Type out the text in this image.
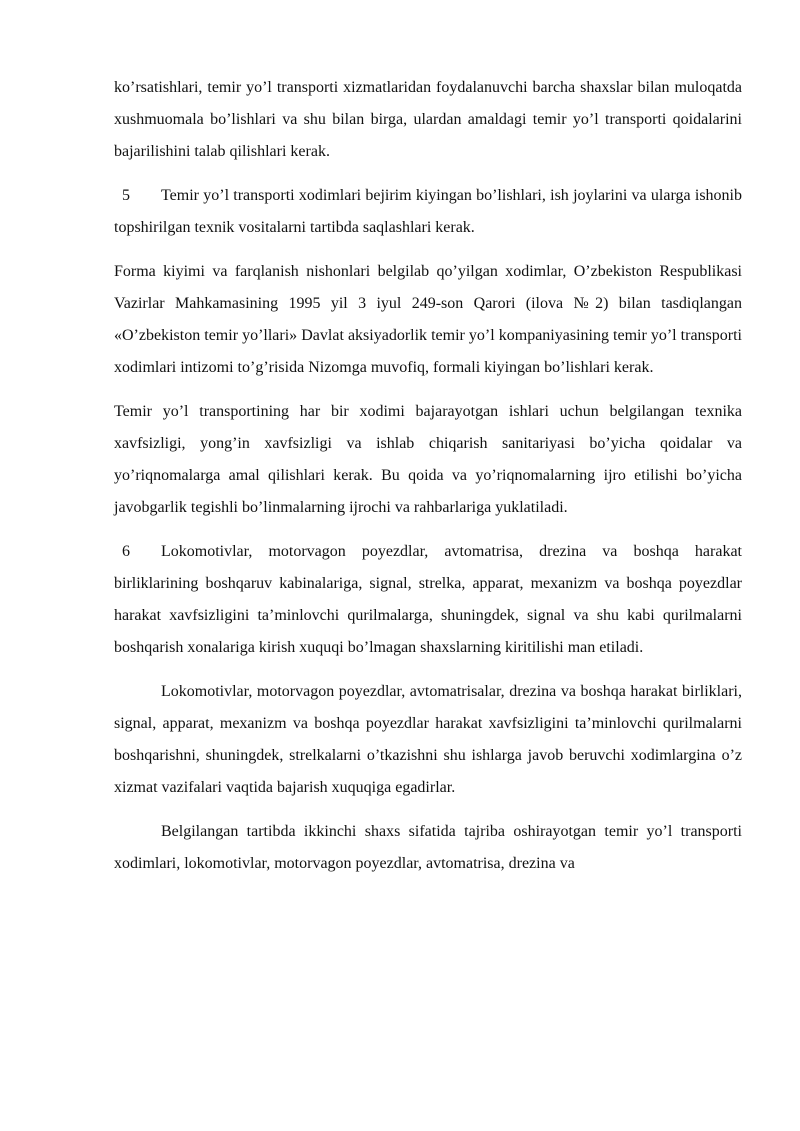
ko’rsatishlari, temir yo’l transporti xizmatlaridan foydalanuvchi barcha shaxslar bilan muloqatda xushmuomala bo’lishlari va shu bilan birga, ulardan amaldagi temir yo’l transporti qoidalarini bajarilishini talab qilishlari kerak.

5 Temir yo’l transporti xodimlari bejirim kiyingan bo’lishlari, ish joylarini va ularga ishonib topshirilgan texnik vositalarni tartibda saqlashlari kerak.

Forma kiyimi va farqlanish nishonlari belgilab qo’yilgan xodimlar, O’zbekiston Respublikasi Vazirlar Mahkamasining 1995 yil 3 iyul 249-son Qarori (ilova №2) bilan tasdiqlangan «O’zbekiston temir yo’llari» Davlat aksiyadorlik temir yo’l kompaniyasining temir yo’l transporti xodimlari intizomi to’g’risida Nizomga muvofiq, formali kiyingan bo’lishlari kerak.

Temir yo’l transportining har bir xodimi bajarayotgan ishlari uchun belgilangan texnika xavfsizligi, yong’in xavfsizligi va ishlab chiqarish sanitariyasi bo’yicha qoidalar va yo’riqnomalarga amal qilishlari kerak. Bu qoida va yo’riqnomalarning ijro etilishi bo’yicha javobgarlik tegishli bo’linmalarning ijrochi va rahbarlariga yuklatiladi.

6 Lokomotivlar, motorvagon poyezdlar, avtomatrisa, drezina va boshqa harakat birliklarining boshqaruv kabinalariga, signal, strelka, apparat, mexanizm va boshqa poyezdlar harakat xavfsizligini ta’minlovchi qurilmalarga, shuningdek, signal va shu kabi qurilmalarni boshqarish xonalariga kirish xuquqi bo’lmagan shaxslarning kiritilishi man etiladi.

Lokomotivlar, motorvagon poyezdlar, avtomatrisalar, drezina va boshqa harakat birliklari, signal, apparat, mexanizm va boshqa poyezdlar harakat xavfsizligini ta’minlovchi qurilmalarni boshqarishni, shuningdek, strelkalarni o’tkazishni shu ishlarga javob beruvchi xodimlargina o’z xizmat vazifalari vaqtida bajarish xuquqiga egadirlar.

Belgilangan tartibda ikkinchi shaxs sifatida tajriba oshirayotgan temir yo’l transporti xodimlari, lokomotivlar, motorvagon poyezdlar, avtomatrisa, drezina va
